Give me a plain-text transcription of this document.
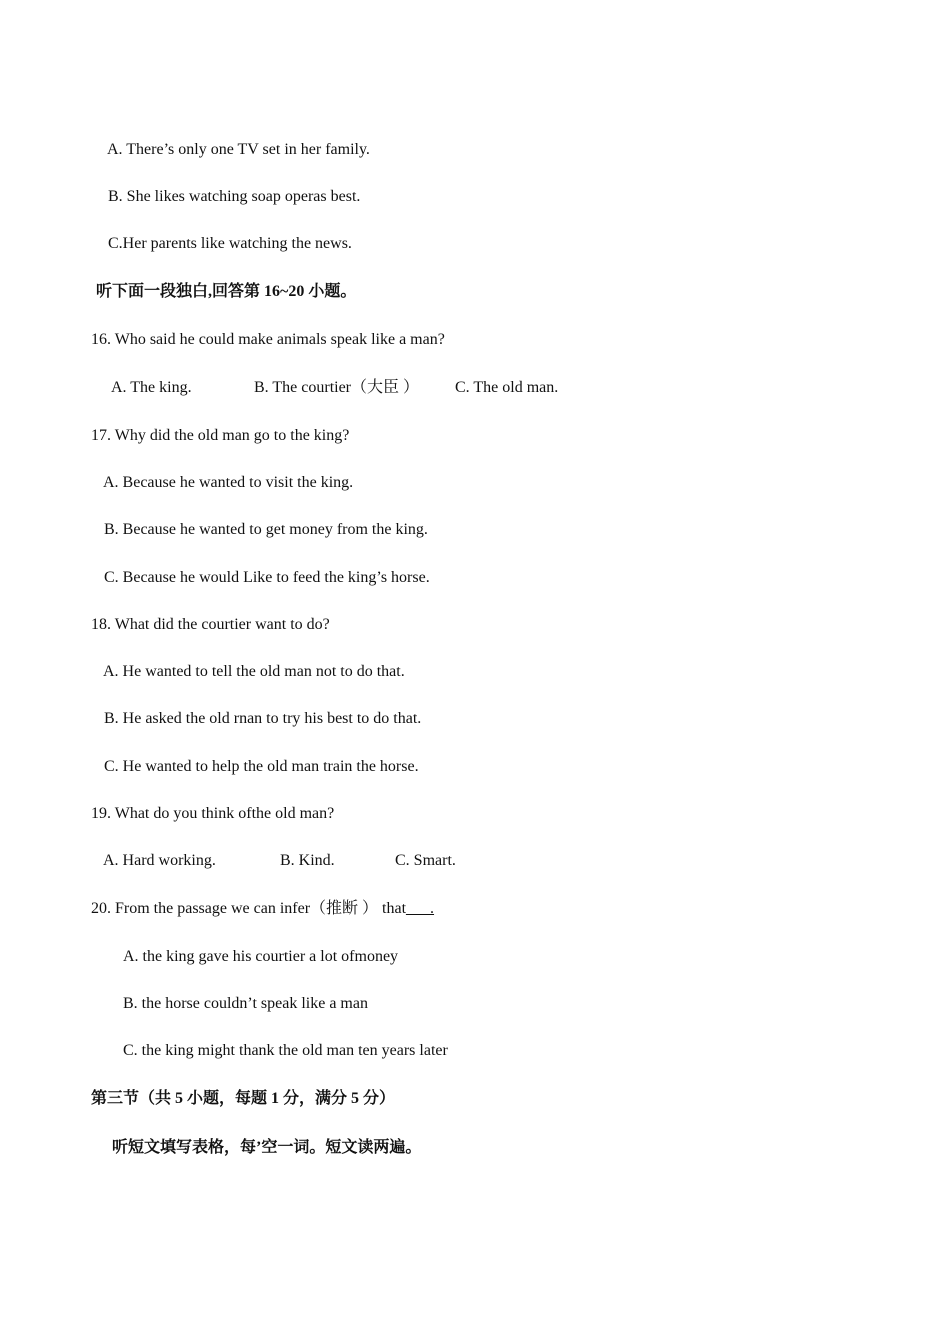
A. There’s only one TV set in her family.
B. She likes watching soap operas best.
C.Her parents like watching the news.
听下面一段独白,回答第 16~20 小题。
16. Who said he could make animals speak like a man?
A. The king.	B. The courtier（大臣 ） C. The old man.
17. Why did the old man go to the king?
A. Because he wanted to visit the king.
B. Because he wanted to get money from the king.
C. Because he would Like to feed the king’s horse.
18. What did the courtier want to do?
A. He wanted to tell the old man not to do that.
B. He asked the old rnan to try his best to do that.
C. He wanted to help the old man train the horse.
19. What do you think ofthe old man?
A. Hard working.	B. Kind.	C. Smart.
20. From the passage we can infer（推断 ） that___.
A. the king gave his courtier a lot ofmoney
B. the horse couldn’t speak like a man
C. the king might thank the old man ten years later
第三节（共 5 小题，每题 1 分，满分 5 分）
听短文填写表格，每’空一词。短文读两遍。
